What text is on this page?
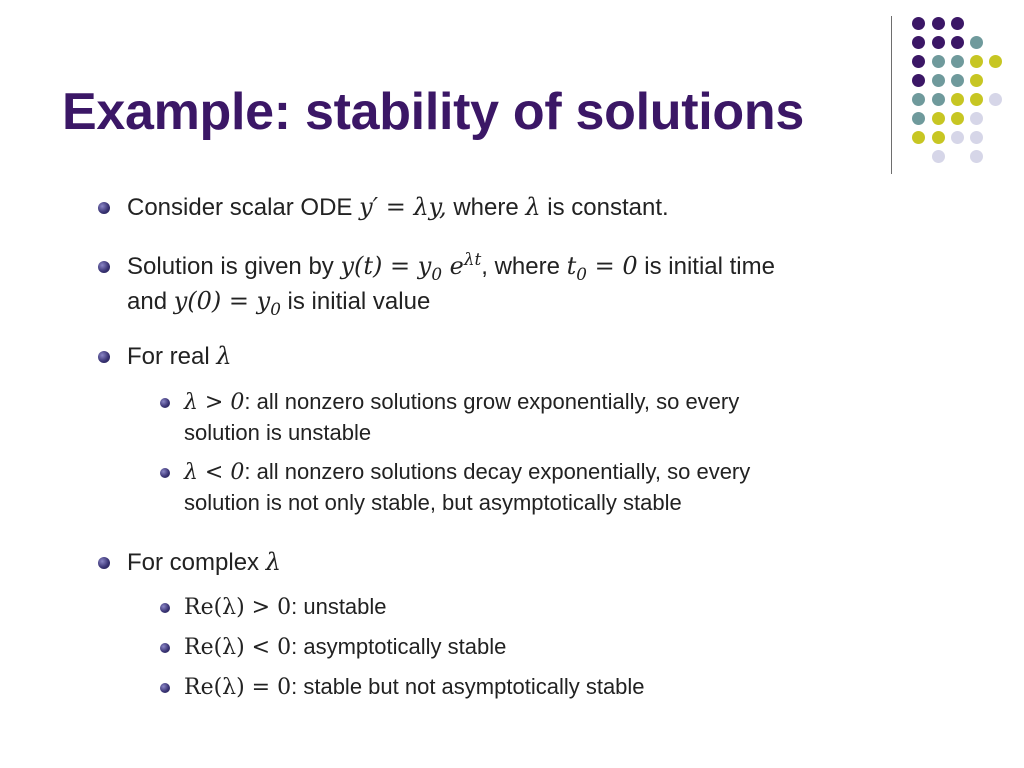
Example: stability of solutions
Consider scalar ODE y′ = λy, where λ is constant.
Solution is given by $y(t) = y_0$ $e^{\lambda t}$, where $t_0 = 0$ is initial time
and $y(0) = y_0$ is initial value
For real λ
λ > 0: all nonzero solutions grow exponentially, so every
solution is unstable
λ < 0: all nonzero solutions decay exponentially, so every
solution is not only stable, but asymptotically stable
For complex λ
Re(λ) > 0: unstable
Re(λ) < 0: asymptotically stable
Re(λ) = 0: stable but not asymptotically stable
